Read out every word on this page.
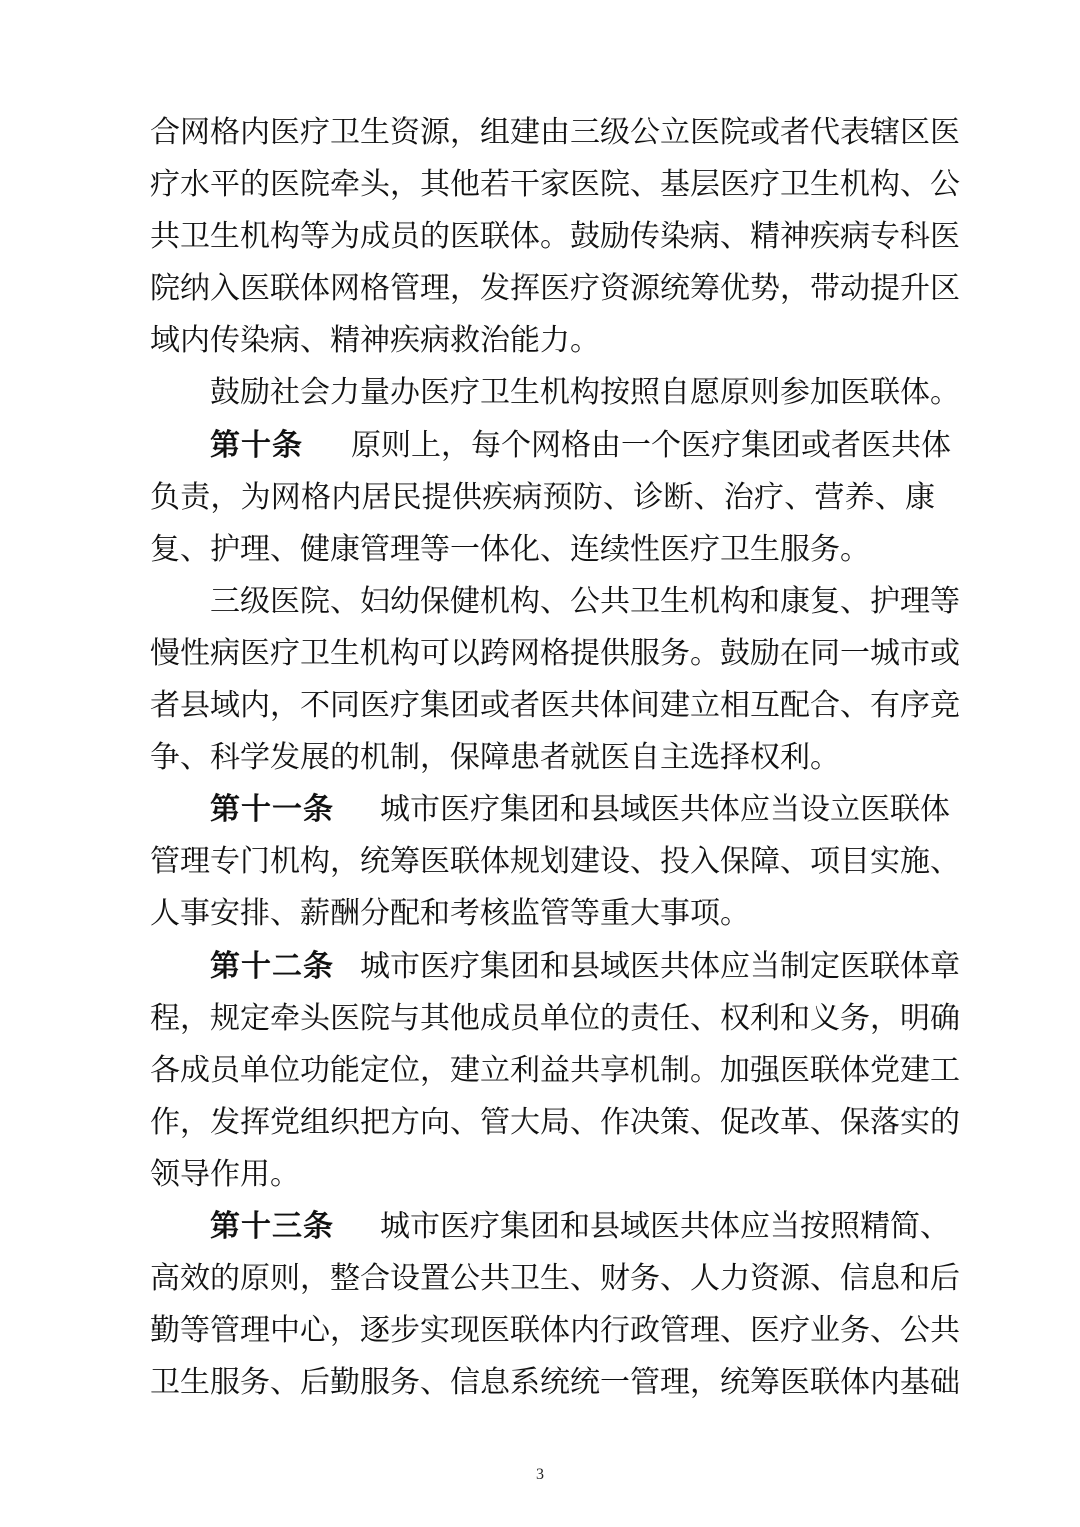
合网格内医疗卫生资源，组建由三级公立医院或者代表辖区医
疗水平的医院牵头，其他若干家医院、基层医疗卫生机构、公
共卫生机构等为成员的医联体。鼓励传染病、精神疾病专科医
院纳入医联体网格管理，发挥医疗资源统筹优势，带动提升区
域内传染病、精神疾病救治能力。
鼓励社会力量办医疗卫生机构按照自愿原则参加医联体。
第十条 原则上，每个网格由一个医疗集团或者医共体
负责，为网格内居民提供疾病预防、诊断、治疗、营养、康
复、护理、健康管理等一体化、连续性医疗卫生服务。
三级医院、妇幼保健机构、公共卫生机构和康复、护理等
慢性病医疗卫生机构可以跨网格提供服务。鼓励在同一城市或
者县域内，不同医疗集团或者医共体间建立相互配合、有序竞
争、科学发展的机制，保障患者就医自主选择权利。
第十一条 城市医疗集团和县域医共体应当设立医联体
管理专门机构，统筹医联体规划建设、投入保障、项目实施、
人事安排、薪酬分配和考核监管等重大事项。
第十二条 城市医疗集团和县域医共体应当制定医联体章
程，规定牵头医院与其他成员单位的责任、权利和义务，明确
各成员单位功能定位，建立利益共享机制。加强医联体党建工
作，发挥党组织把方向、管大局、作决策、促改革、保落实的
领导作用。
第十三条 城市医疗集团和县域医共体应当按照精简、
高效的原则，整合设置公共卫生、财务、人力资源、信息和后
勤等管理中心，逐步实现医联体内行政管理、医疗业务、公共
卫生服务、后勤服务、信息系统统一管理，统筹医联体内基础
3
